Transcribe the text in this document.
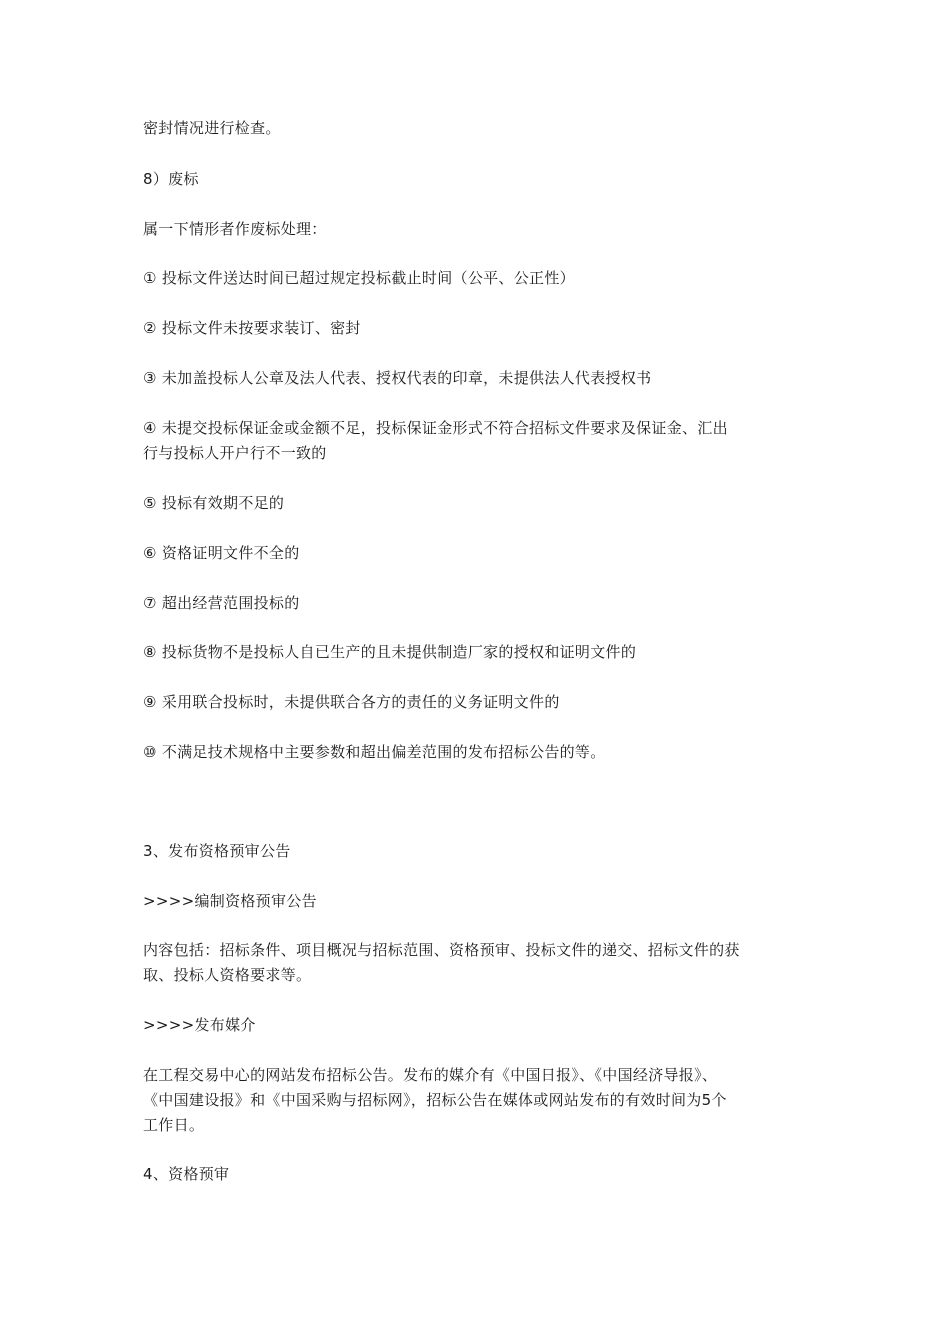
密封情况进行检查。
8）废标
属一下情形者作废标处理：
① 投标文件送达时间已超过规定投标截止时间（公平、公正性）
② 投标文件未按要求装订、密封
③ 未加盖投标人公章及法人代表、授权代表的印章，未提供法人代表授权书
④ 未提交投标保证金或金额不足，投标保证金形式不符合招标文件要求及保证金、汇出
行与投标人开户行不一致的
⑤ 投标有效期不足的
⑥ 资格证明文件不全的
⑦ 超出经营范围投标的
⑧ 投标货物不是投标人自已生产的且未提供制造厂家的授权和证明文件的
⑨ 采用联合投标时，未提供联合各方的责任的义务证明文件的
⑩ 不满足技术规格中主要参数和超出偏差范围的发布招标公告的等。
3、发布资格预审公告
>>>>编制资格预审公告
内容包括：招标条件、项目概况与招标范围、资格预审、投标文件的递交、招标文件的获
取、投标人资格要求等。
>>>>发布媒介
在工程交易中心的网站发布招标公告。发布的媒介有《中国日报》、《中国经济导报》、
《中国建设报》和《中国采购与招标网》，招标公告在媒体或网站发布的有效时间为5个
工作日。
4、资格预审
